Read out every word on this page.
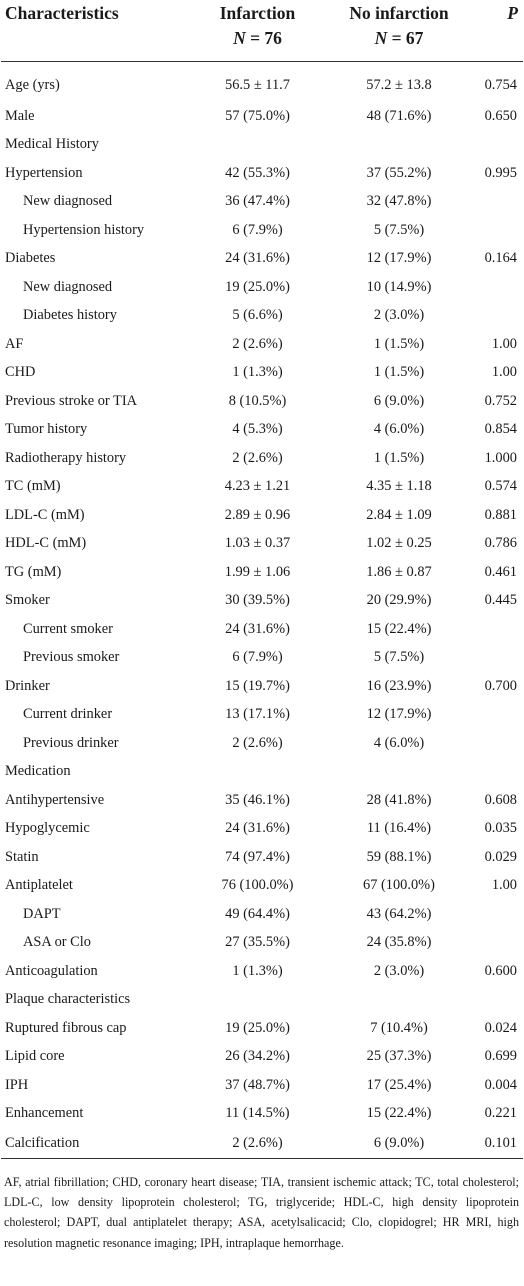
Characteristics	Infarction	No infarction	P
	N = 76	N = 67	

Age (yrs)	56.5 ± 11.7	57.2 ± 13.8	0.754
Male	57 (75.0%)	48 (71.6%)	0.650
Medical History			
Hypertension	42 (55.3%)	37 (55.2%)	0.995
New diagnosed	36 (47.4%)	32 (47.8%)	
Hypertension history	6 (7.9%)	5 (7.5%)	
Diabetes	24 (31.6%)	12 (17.9%)	0.164
New diagnosed	19 (25.0%)	10 (14.9%)	
Diabetes history	5 (6.6%)	2 (3.0%)	
AF	2 (2.6%)	1 (1.5%)	1.00
CHD	1 (1.3%)	1 (1.5%)	1.00
Previous stroke or TIA	8 (10.5%)	6 (9.0%)	0.752
Tumor history	4 (5.3%)	4 (6.0%)	0.854
Radiotherapy history	2 (2.6%)	1 (1.5%)	1.000
TC (mM)	4.23 ± 1.21	4.35 ± 1.18	0.574
LDL-C (mM)	2.89 ± 0.96	2.84 ± 1.09	0.881
HDL-C (mM)	1.03 ± 0.37	1.02 ± 0.25	0.786
TG (mM)	1.99 ± 1.06	1.86 ± 0.87	0.461
Smoker	30 (39.5%)	20 (29.9%)	0.445
Current smoker	24 (31.6%)	15 (22.4%)	
Previous smoker	6 (7.9%)	5 (7.5%)	
Drinker	15 (19.7%)	16 (23.9%)	0.700
Current drinker	13 (17.1%)	12 (17.9%)	
Previous drinker	2 (2.6%)	4 (6.0%)	
Medication			
Antihypertensive	35 (46.1%)	28 (41.8%)	0.608
Hypoglycemic	24 (31.6%)	11 (16.4%)	0.035
Statin	74 (97.4%)	59 (88.1%)	0.029
Antiplatelet	76 (100.0%)	67 (100.0%)	1.00
DAPT	49 (64.4%)	43 (64.2%)	
ASA or Clo	27 (35.5%)	24 (35.8%)	
Anticoagulation	1 (1.3%)	2 (3.0%)	0.600
Plaque characteristics			
Ruptured fibrous cap	19 (25.0%)	7 (10.4%)	0.024
Lipid core	26 (34.2%)	25 (37.3%)	0.699
IPH	37 (48.7%)	17 (25.4%)	0.004
Enhancement	11 (14.5%)	15 (22.4%)	0.221
Calcification	2 (2.6%)	6 (9.0%)	0.101
AF, atrial fibrillation; CHD, coronary heart disease; TIA, transient ischemic attack; TC, total cholesterol; LDL-C, low density lipoprotein cholesterol; TG, triglyceride; HDL-C, high density lipoprotein cholesterol; DAPT, dual antiplatelet therapy; ASA, acetylsalicacid; Clo, clopidogrel; HR MRI, high resolution magnetic resonance imaging; IPH, intraplaque hemorrhage.
